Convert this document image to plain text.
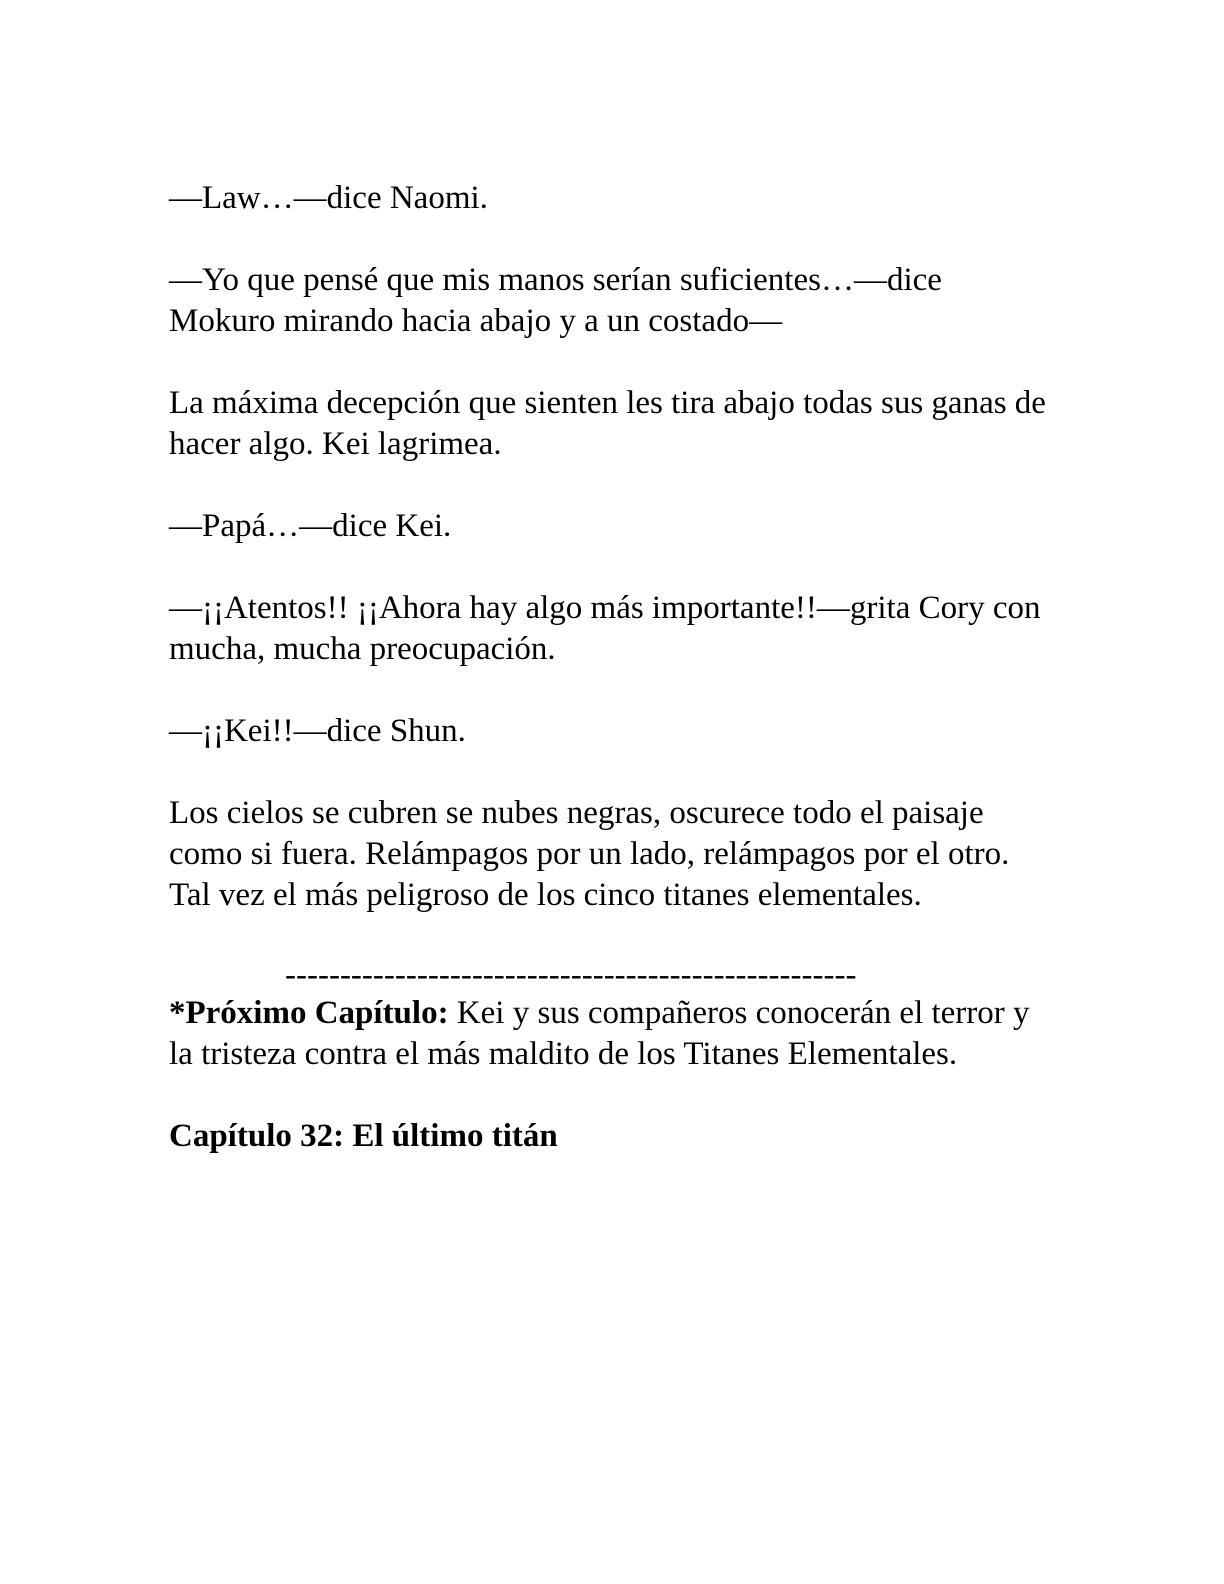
—Law…—dice Naomi.

—Yo que pensé que mis manos serían suficientes…—dice Mokuro mirando hacia abajo y a un costado—

La máxima decepción que sienten les tira abajo todas sus ganas de hacer algo. Kei lagrimea.

—Papá…—dice Kei.

—¡¡Atentos!! ¡¡Ahora hay algo más importante!!—grita Cory con mucha, mucha preocupación.

—¡¡Kei!!—dice Shun.

Los cielos se cubren se nubes negras, oscurece todo el paisaje como si fuera. Relámpagos por un lado, relámpagos por el otro. Tal vez el más peligroso de los cinco titanes elementales.

----------------------------------------------------

*Próximo Capítulo: Kei y sus compañeros conocerán el terror y la tristeza contra el más maldito de los Titanes Elementales.

Capítulo 32: El último titán
